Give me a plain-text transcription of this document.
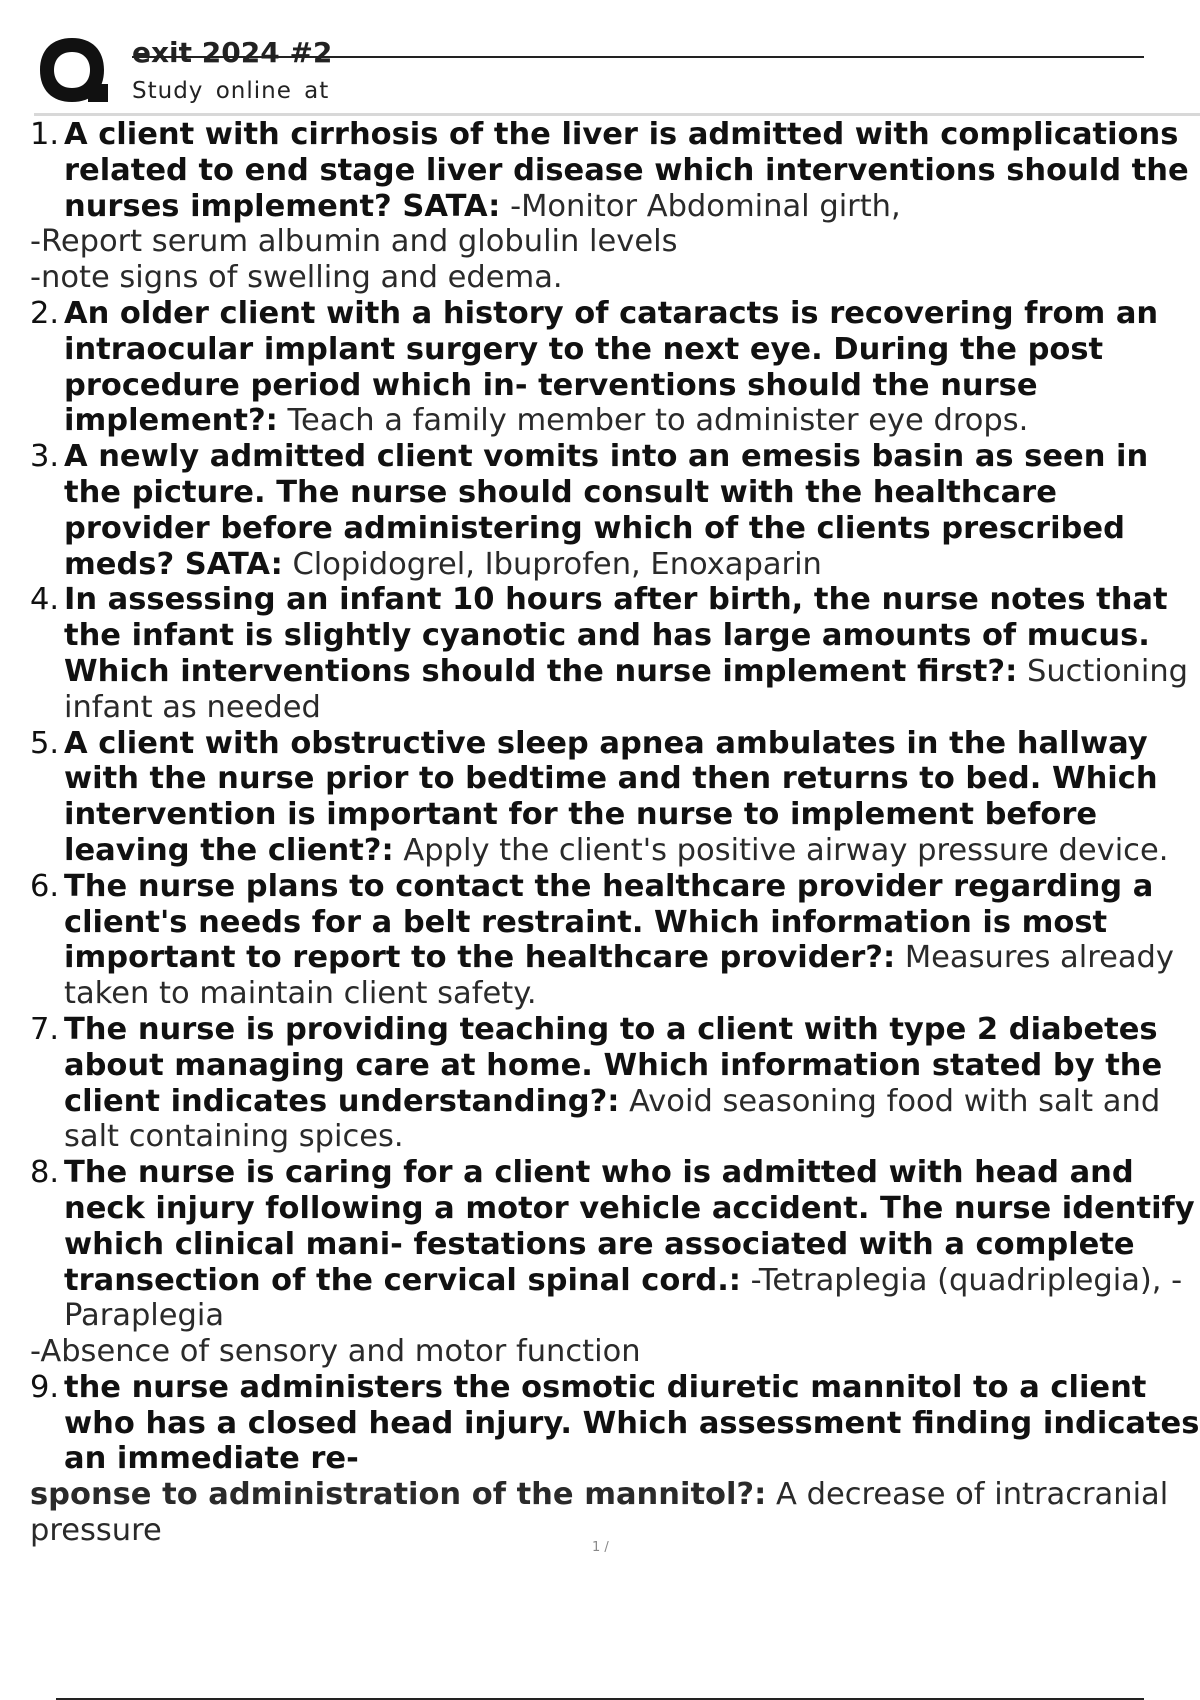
exit 2024 #2
Study online at
1. A client with cirrhosis of the liver is admitted with complications related to end stage liver disease which interventions should the nurses implement? SATA: -Monitor Abdominal girth,
-Report serum albumin and globulin levels
-note signs of swelling and edema.
2. An older client with a history of cataracts is recovering from an intraocular implant surgery to the next eye. During the post procedure period which in- terventions should the nurse implement?: Teach a family member to administer eye drops.
3. A newly admitted client vomits into an emesis basin as seen in the picture. The nurse should consult with the healthcare provider before administering which of the clients prescribed meds? SATA: Clopidogrel, Ibuprofen, Enoxaparin
4. In assessing an infant 10 hours after birth, the nurse notes that the infant is slightly cyanotic and has large amounts of mucus. Which interventions should the nurse implement first?: Suctioning infant as needed
5. A client with obstructive sleep apnea ambulates in the hallway with the nurse prior to bedtime and then returns to bed. Which intervention is important for the nurse to implement before leaving the client?: Apply the client's positive airway pressure device.
6. The nurse plans to contact the healthcare provider regarding a client's needs for a belt restraint. Which information is most important to report to the healthcare provider?: Measures already taken to maintain client safety.
7. The nurse is providing teaching to a client with type 2 diabetes about managing care at home. Which information stated by the client indicates understanding?: Avoid seasoning food with salt and salt containing spices.
8. The nurse is caring for a client who is admitted with head and neck injury following a motor vehicle accident. The nurse identify which clinical mani- festations are associated with a complete transection of the cervical spinal cord.: -Tetraplegia (quadriplegia), -Paraplegia
-Absence of sensory and motor function
9. the nurse administers the osmotic diuretic mannitol to a client who has a closed head injury. Which assessment finding indicates an immediate re-
sponse to administration of the mannitol?: A decrease of intracranial pressure	1 /
